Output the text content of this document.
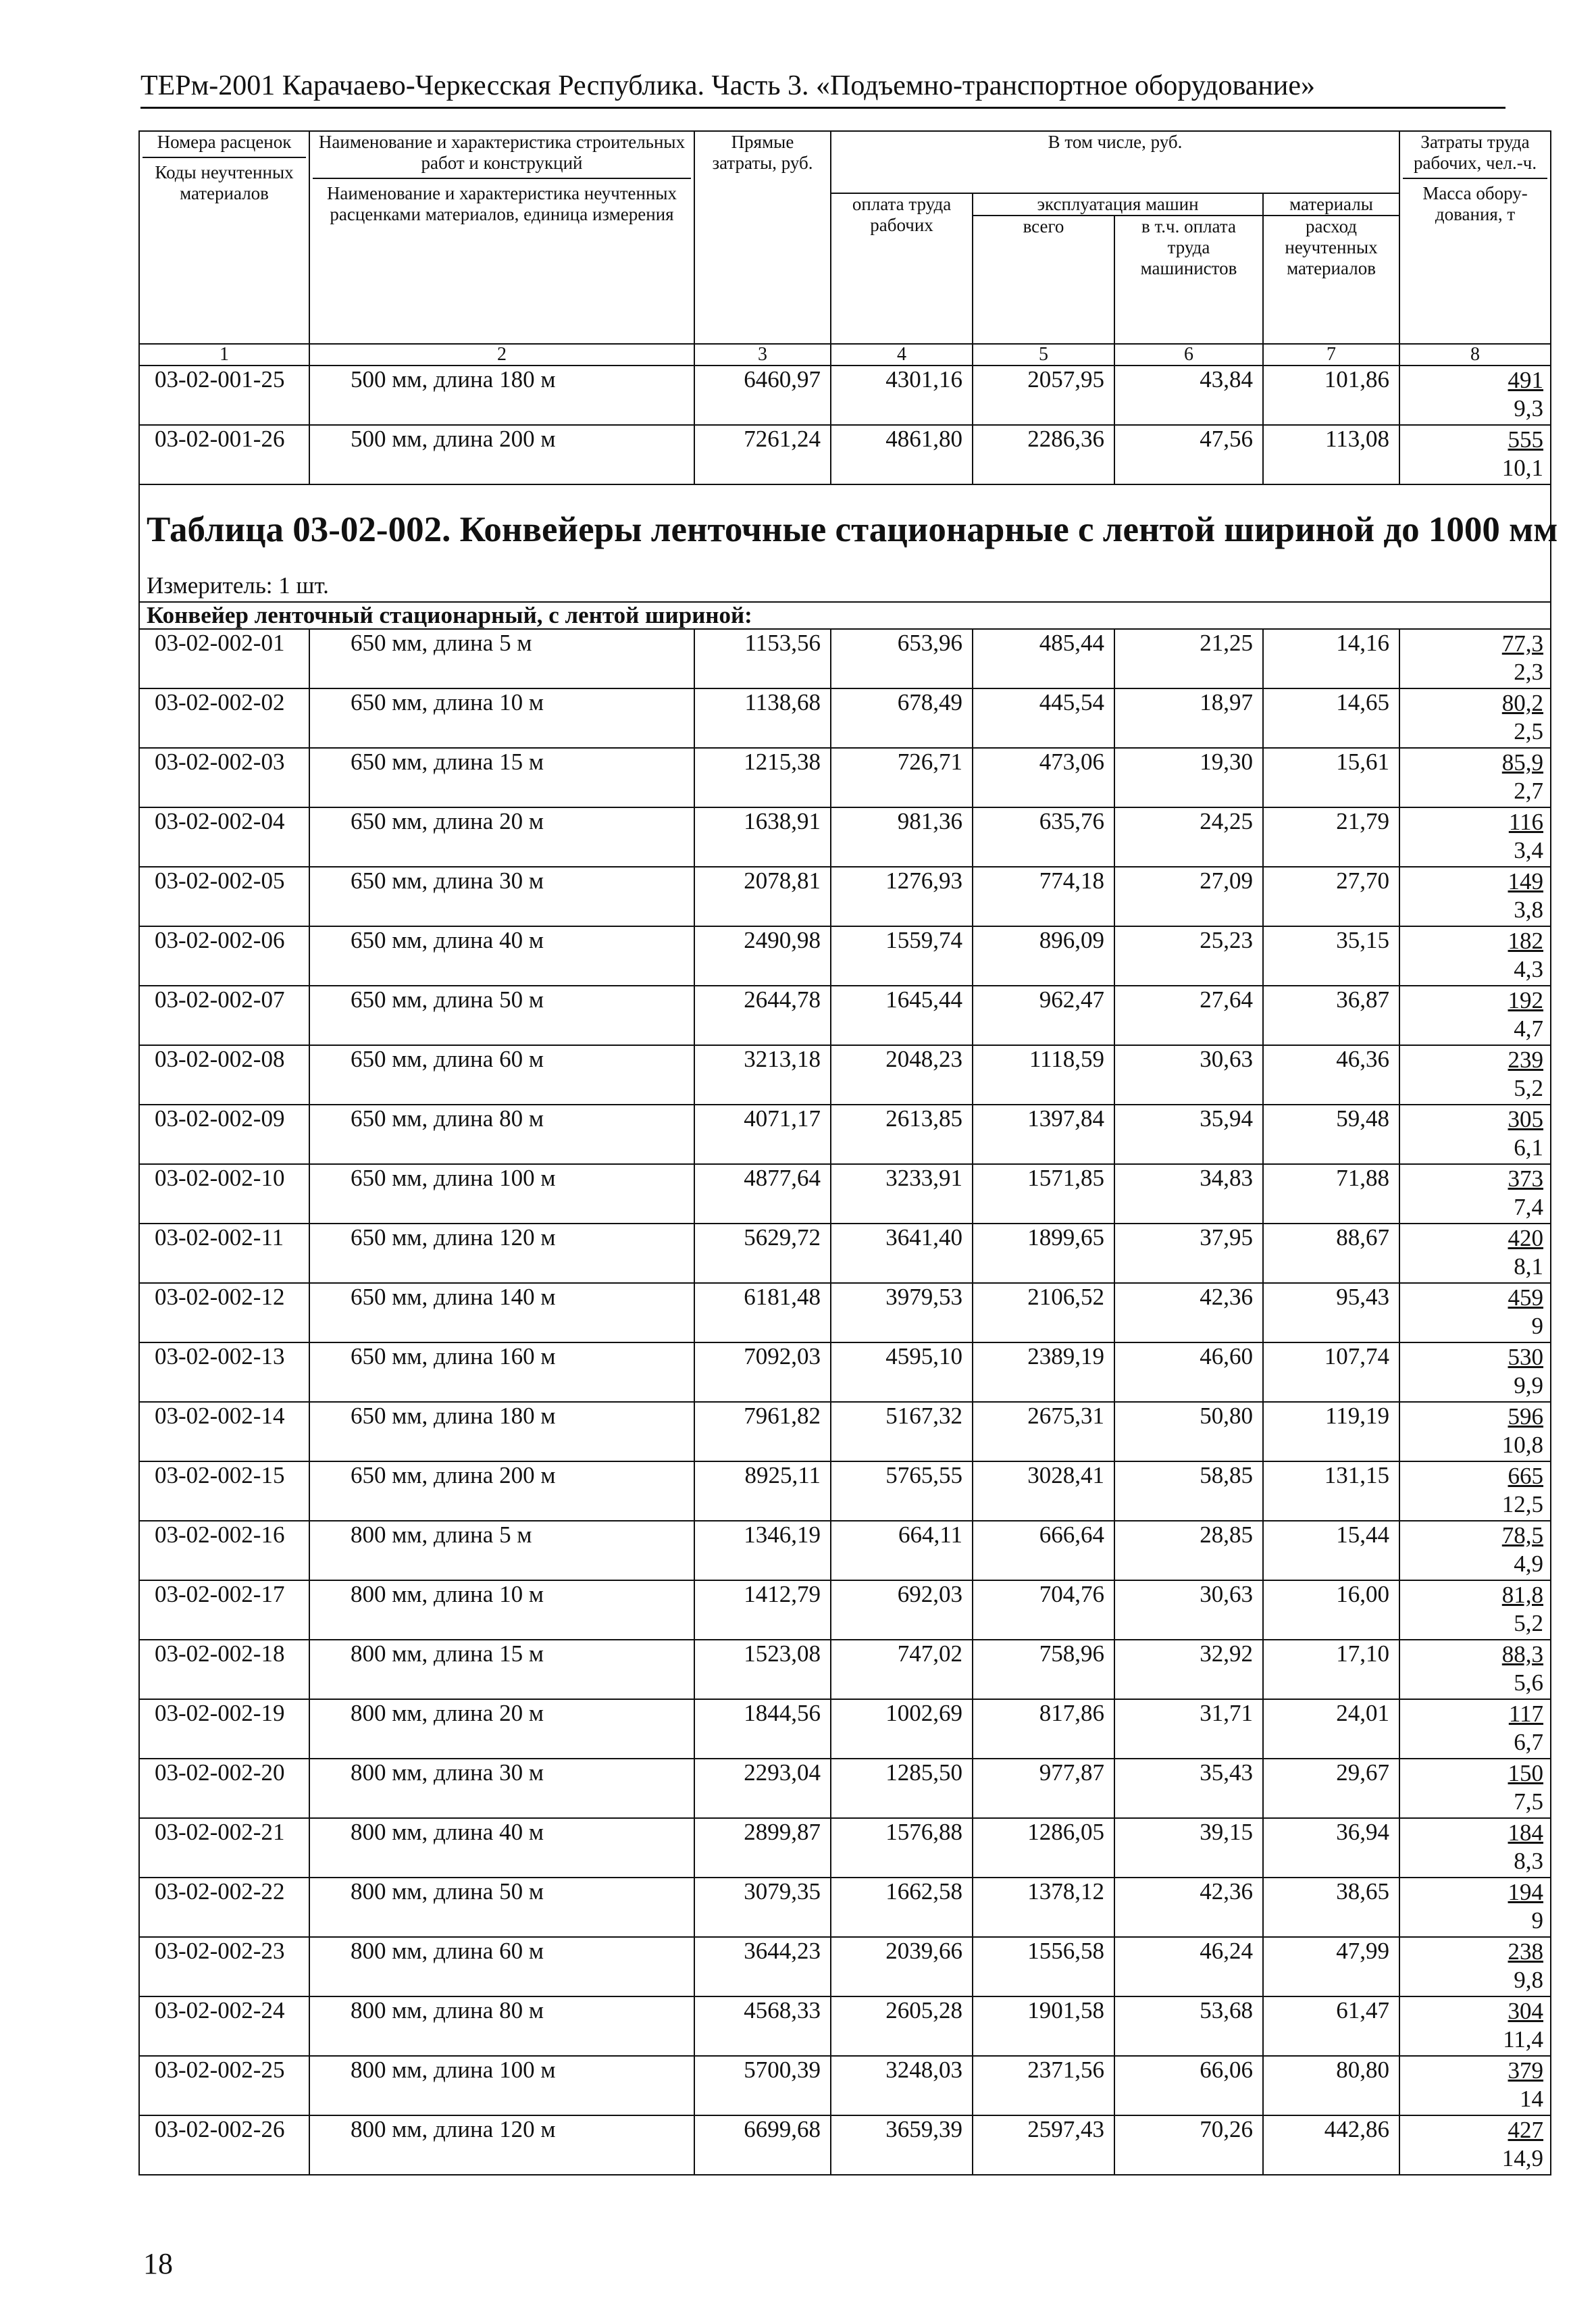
ТЕРм-2001 Карачаево-Черкесская Республика. Часть 3. «Подъемно-транспортное оборудование»
Номера расценок
Коды неучтенных материалов	Наименование и характеристика строительных работ и конструкций
Наименование и характеристика неучтенных расценками материалов, единица измерения	Прямые затраты, руб.	В том числе, руб.				Затраты труда рабочих, чел.-ч.
Масса обору-дования, т
			оплата труда рабочих	эксплуатация машин		материалы	
				всего	в т.ч. оплата труда машинистов	расход неучтенных материалов	
1	2	3	4	5	6	7	8
03-02-001-25	500 мм, длина 180 м	6460,97	4301,16	2057,95	43,84	101,86	491
9,3

03-02-001-26	500 мм, длина 200 м	7261,24	4861,80	2286,36	47,56	113,08	555
10,1

Таблица 03-02-002. Конвейеры ленточные стационарные с лентой шириной до 1000 мм							
Измеритель: 1 шт.							
Конвейер ленточный стационарный, с лентой шириной:							
03-02-002-01	650 мм, длина 5 м	1153,56	653,96	485,44	21,25	14,16	77,3
2,3

03-02-002-02	650 мм, длина 10 м	1138,68	678,49	445,54	18,97	14,65	80,2
2,5

03-02-002-03	650 мм, длина 15 м	1215,38	726,71	473,06	19,30	15,61	85,9
2,7

03-02-002-04	650 мм, длина 20 м	1638,91	981,36	635,76	24,25	21,79	116
3,4

03-02-002-05	650 мм, длина 30 м	2078,81	1276,93	774,18	27,09	27,70	149
3,8

03-02-002-06	650 мм, длина 40 м	2490,98	1559,74	896,09	25,23	35,15	182
4,3

03-02-002-07	650 мм, длина 50 м	2644,78	1645,44	962,47	27,64	36,87	192
4,7

03-02-002-08	650 мм, длина 60 м	3213,18	2048,23	1118,59	30,63	46,36	239
5,2

03-02-002-09	650 мм, длина 80 м	4071,17	2613,85	1397,84	35,94	59,48	305
6,1

03-02-002-10	650 мм, длина 100 м	4877,64	3233,91	1571,85	34,83	71,88	373
7,4

03-02-002-11	650 мм, длина 120 м	5629,72	3641,40	1899,65	37,95	88,67	420
8,1

03-02-002-12	650 мм, длина 140 м	6181,48	3979,53	2106,52	42,36	95,43	459
9

03-02-002-13	650 мм, длина 160 м	7092,03	4595,10	2389,19	46,60	107,74	530
9,9

03-02-002-14	650 мм, длина 180 м	7961,82	5167,32	2675,31	50,80	119,19	596
10,8

03-02-002-15	650 мм, длина 200 м	8925,11	5765,55	3028,41	58,85	131,15	665
12,5

03-02-002-16	800 мм, длина 5 м	1346,19	664,11	666,64	28,85	15,44	78,5
4,9

03-02-002-17	800 мм, длина 10 м	1412,79	692,03	704,76	30,63	16,00	81,8
5,2

03-02-002-18	800 мм, длина 15 м	1523,08	747,02	758,96	32,92	17,10	88,3
5,6

03-02-002-19	800 мм, длина 20 м	1844,56	1002,69	817,86	31,71	24,01	117
6,7

03-02-002-20	800 мм, длина 30 м	2293,04	1285,50	977,87	35,43	29,67	150
7,5

03-02-002-21	800 мм, длина 40 м	2899,87	1576,88	1286,05	39,15	36,94	184
8,3

03-02-002-22	800 мм, длина 50 м	3079,35	1662,58	1378,12	42,36	38,65	194
9

03-02-002-23	800 мм, длина 60 м	3644,23	2039,66	1556,58	46,24	47,99	238
9,8

03-02-002-24	800 мм, длина 80 м	4568,33	2605,28	1901,58	53,68	61,47	304
11,4

03-02-002-25	800 мм, длина 100 м	5700,39	3248,03	2371,56	66,06	80,80	379
14

03-02-002-26	800 мм, длина 120 м	6699,68	3659,39	2597,43	70,26	442,86	427
14,9
18
